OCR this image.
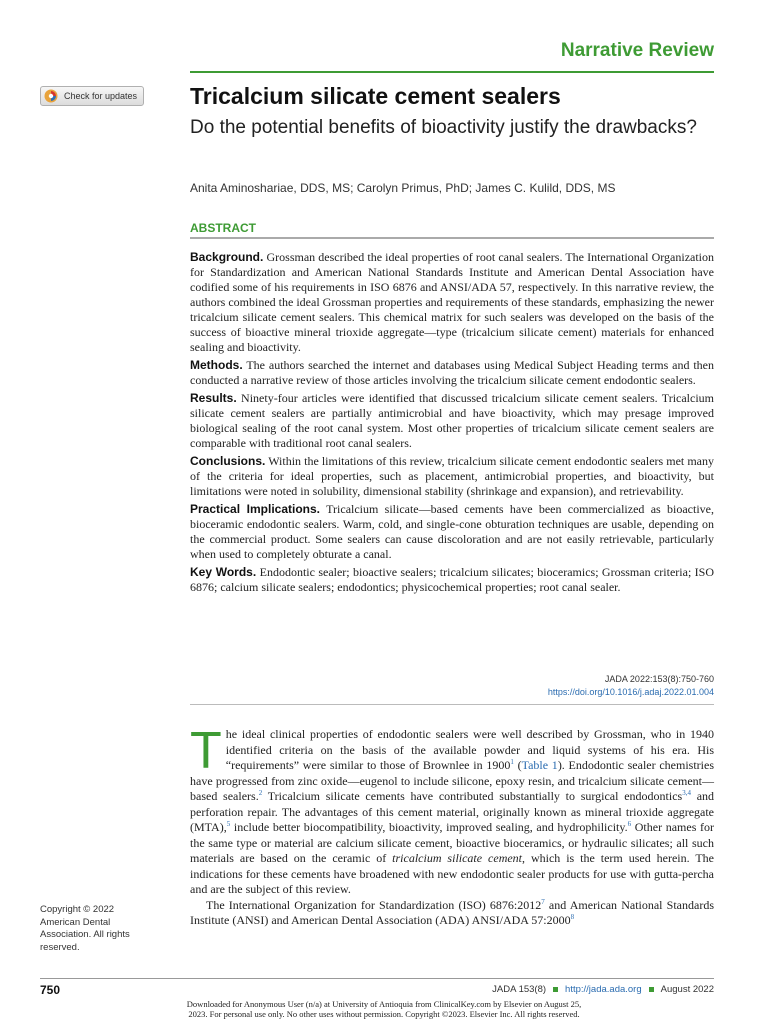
Narrative Review
Check for updates Tricalcium silicate cement sealers
Do the potential benefits of bioactivity justify the drawbacks?
Anita Aminoshariae, DDS, MS; Carolyn Primus, PhD; James C. Kulild, DDS, MS
ABSTRACT

Background. Grossman described the ideal properties of root canal sealers. The International Organization for Standardization and American National Standards Institute and American Dental Association have codified some of his requirements in ISO 6876 and ANSI/ADA 57, respectively. In this narrative review, the authors combined the ideal Grossman properties and requirements of these standards, emphasizing the newer tricalcium silicate cement sealers. This chemical matrix for such sealers was developed on the basis of the success of bioactive mineral trioxide aggregate—type (tricalcium silicate cement) materials for enhanced sealing and bioactivity.

Methods. The authors searched the internet and databases using Medical Subject Heading terms and then conducted a narrative review of those articles involving the tricalcium silicate cement endodontic sealers.

Results. Ninety-four articles were identified that discussed tricalcium silicate cement sealers. Tricalcium silicate cement sealers are partially antimicrobial and have bioactivity, which may presage improved biological sealing of the root canal system. Most other properties of tricalcium silicate cement sealers are comparable with traditional root canal sealers.

Conclusions. Within the limitations of this review, tricalcium silicate cement endodontic sealers met many of the criteria for ideal properties, such as placement, antimicrobial properties, and bioactivity, but limitations were noted in solubility, dimensional stability (shrinkage and expansion), and retrievability.

Practical Implications. Tricalcium silicate—based cements have been commercialized as bioactive, bioceramic endodontic sealers. Warm, cold, and single-cone obturation techniques are usable, depending on the commercial product. Some sealers can cause discoloration and are not easily retrievable, particularly when used to completely obturate a canal.

Key Words. Endodontic sealer; bioactive sealers; tricalcium silicates; bioceramics; Grossman criteria; ISO 6876; calcium silicate sealers; endodontics; physicochemical properties; root canal sealer.

JADA 2022:153(8):750-760
https://doi.org/10.1016/j.adaj.2022.01.004

The ideal clinical properties of endodontic sealers were well described by Grossman, who in 1940 identified criteria on the basis of the available powder and liquid systems of his era. His “requirements” were similar to those of Brownlee in 1900$^1$ (Table 1). Endodontic sealer chemistries have progressed from zinc oxide—eugenol to include silicone, epoxy resin, and tricalcium silicate cement—based sealers.$^2$ Tricalcium silicate cements have contributed substantially to surgical endodontics$^{3,4}$ and perforation repair. The advantages of this cement material, originally known as mineral trioxide aggregate (MTA),$^5$ include better biocompatibility, bioactivity, improved sealing, and hydrophilicity.$^6$ Other names for the same type or material are calcium silicate cement, bioactive bioceramics, or hydraulic silicates; all such materials are based on the ceramic of tricalcium silicate cement, which is the term used herein. The indications for these cements have broadened with new endodontic sealer products for use with gutta-percha and are the subject of this review.

The International Organization for Standardization (ISO) 6876:2012$^7$ and American National Standards Institute (ANSI) and American Dental Association (ADA) ANSI/ADA 57:2000$^8$

Copyright © 2022
American Dental
Association. All rights
reserved.
750	JADA 153(8) http://jada.ada.org August 2022
Downloaded for Anonymous User (n/a) at University of Antioquia from ClinicalKey.com by Elsevier on August 25,
2023. For personal use only. No other uses without permission. Copyright ©2023. Elsevier Inc. All rights reserved.
